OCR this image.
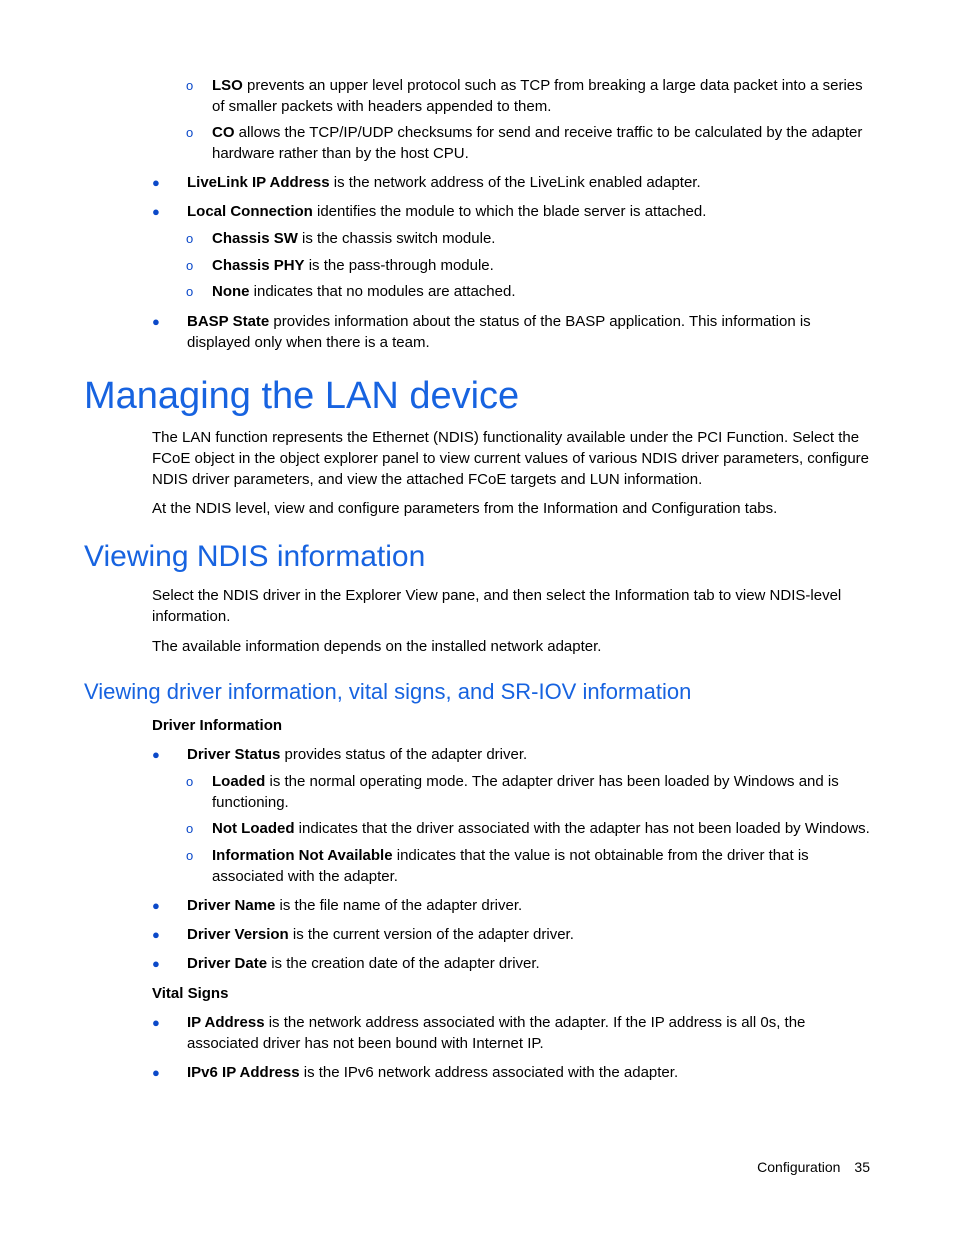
o LSO prevents an upper level protocol such as TCP from breaking a large data packet into a series of smaller packets with headers appended to them.
o CO allows the TCP/IP/UDP checksums for send and receive traffic to be calculated by the adapter hardware rather than by the host CPU.
● LiveLink IP Address is the network address of the LiveLink enabled adapter.
● Local Connection identifies the module to which the blade server is attached.
o Chassis SW is the chassis switch module.
o Chassis PHY is the pass-through module.
o None indicates that no modules are attached.
● BASP State provides information about the status of the BASP application. This information is displayed only when there is a team.
Managing the LAN device
The LAN function represents the Ethernet (NDIS) functionality available under the PCI Function. Select the FCoE object in the object explorer panel to view current values of various NDIS driver parameters, configure NDIS driver parameters, and view the attached FCoE targets and LUN information.
At the NDIS level, view and configure parameters from the Information and Configuration tabs.
Viewing NDIS information
Select the NDIS driver in the Explorer View pane, and then select the Information tab to view NDIS-level information.
The available information depends on the installed network adapter.
Viewing driver information, vital signs, and SR-IOV information
Driver Information
● Driver Status provides status of the adapter driver.
o Loaded is the normal operating mode. The adapter driver has been loaded by Windows and is functioning.
o Not Loaded indicates that the driver associated with the adapter has not been loaded by Windows.
o Information Not Available indicates that the value is not obtainable from the driver that is associated with the adapter.
● Driver Name is the file name of the adapter driver.
● Driver Version is the current version of the adapter driver.
● Driver Date is the creation date of the adapter driver.
Vital Signs
● IP Address is the network address associated with the adapter. If the IP address is all 0s, the associated driver has not been bound with Internet IP.
● IPv6 IP Address is the IPv6 network address associated with the adapter.
Configuration 35
